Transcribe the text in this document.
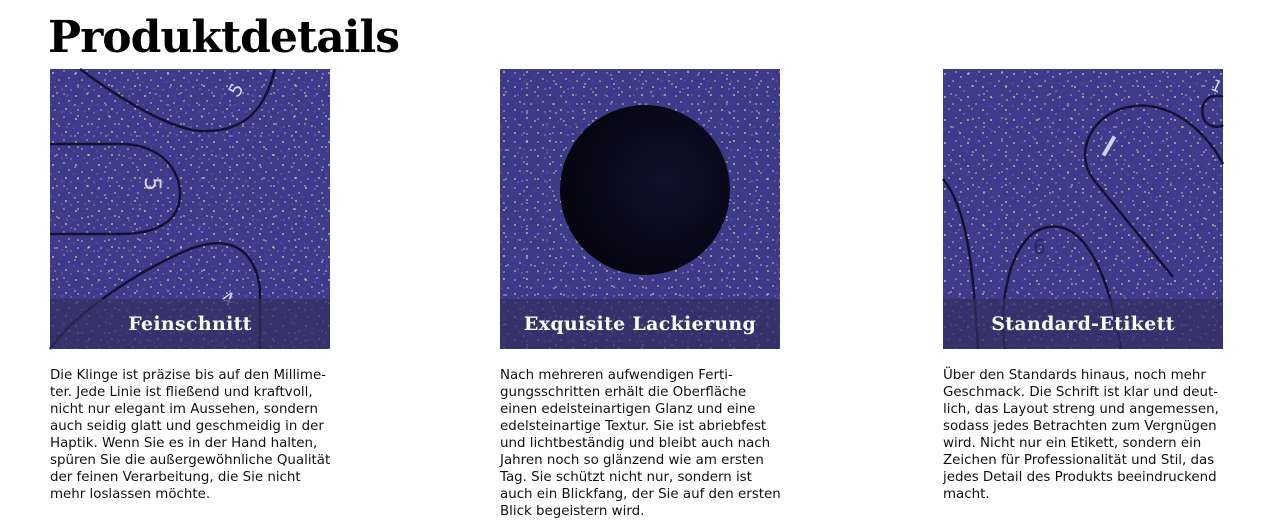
Produktdetails
5
5
Feinschnitt

Die Klinge ist präzise bis auf den Millime-
ter. Jede Linie ist fließend und kraftvoll,
nicht nur elegant im Aussehen, sondern
auch seidig glatt und geschmeidig in der
Haptik. Wenn Sie es in der Hand halten,
spüren Sie die außergewöhnliche Qualität
der feinen Verarbeitung, die Sie nicht
mehr loslassen möchte.

Exquisite Lackierung

Nach mehreren aufwendigen Ferti-
gungsschritten erhält die Oberfläche
einen edelsteinartigen Glanz und eine
edelsteinartige Textur. Sie ist abriebfest
und lichtbeständig und bleibt auch nach
Jahren noch so glänzend wie am ersten
Tag. Sie schützt nicht nur, sondern ist
auch ein Blickfang, der Sie auf den ersten
Blick begeistern wird.

1
6
Standard-Etikett

Über den Standards hinaus, noch mehr
Geschmack. Die Schrift ist klar und deut-
lich, das Layout streng und angemessen,
sodass jedes Betrachten zum Vergnügen
wird. Nicht nur ein Etikett, sondern ein
Zeichen für Professionalität und Stil, das
jedes Detail des Produkts beeindruckend
macht.
